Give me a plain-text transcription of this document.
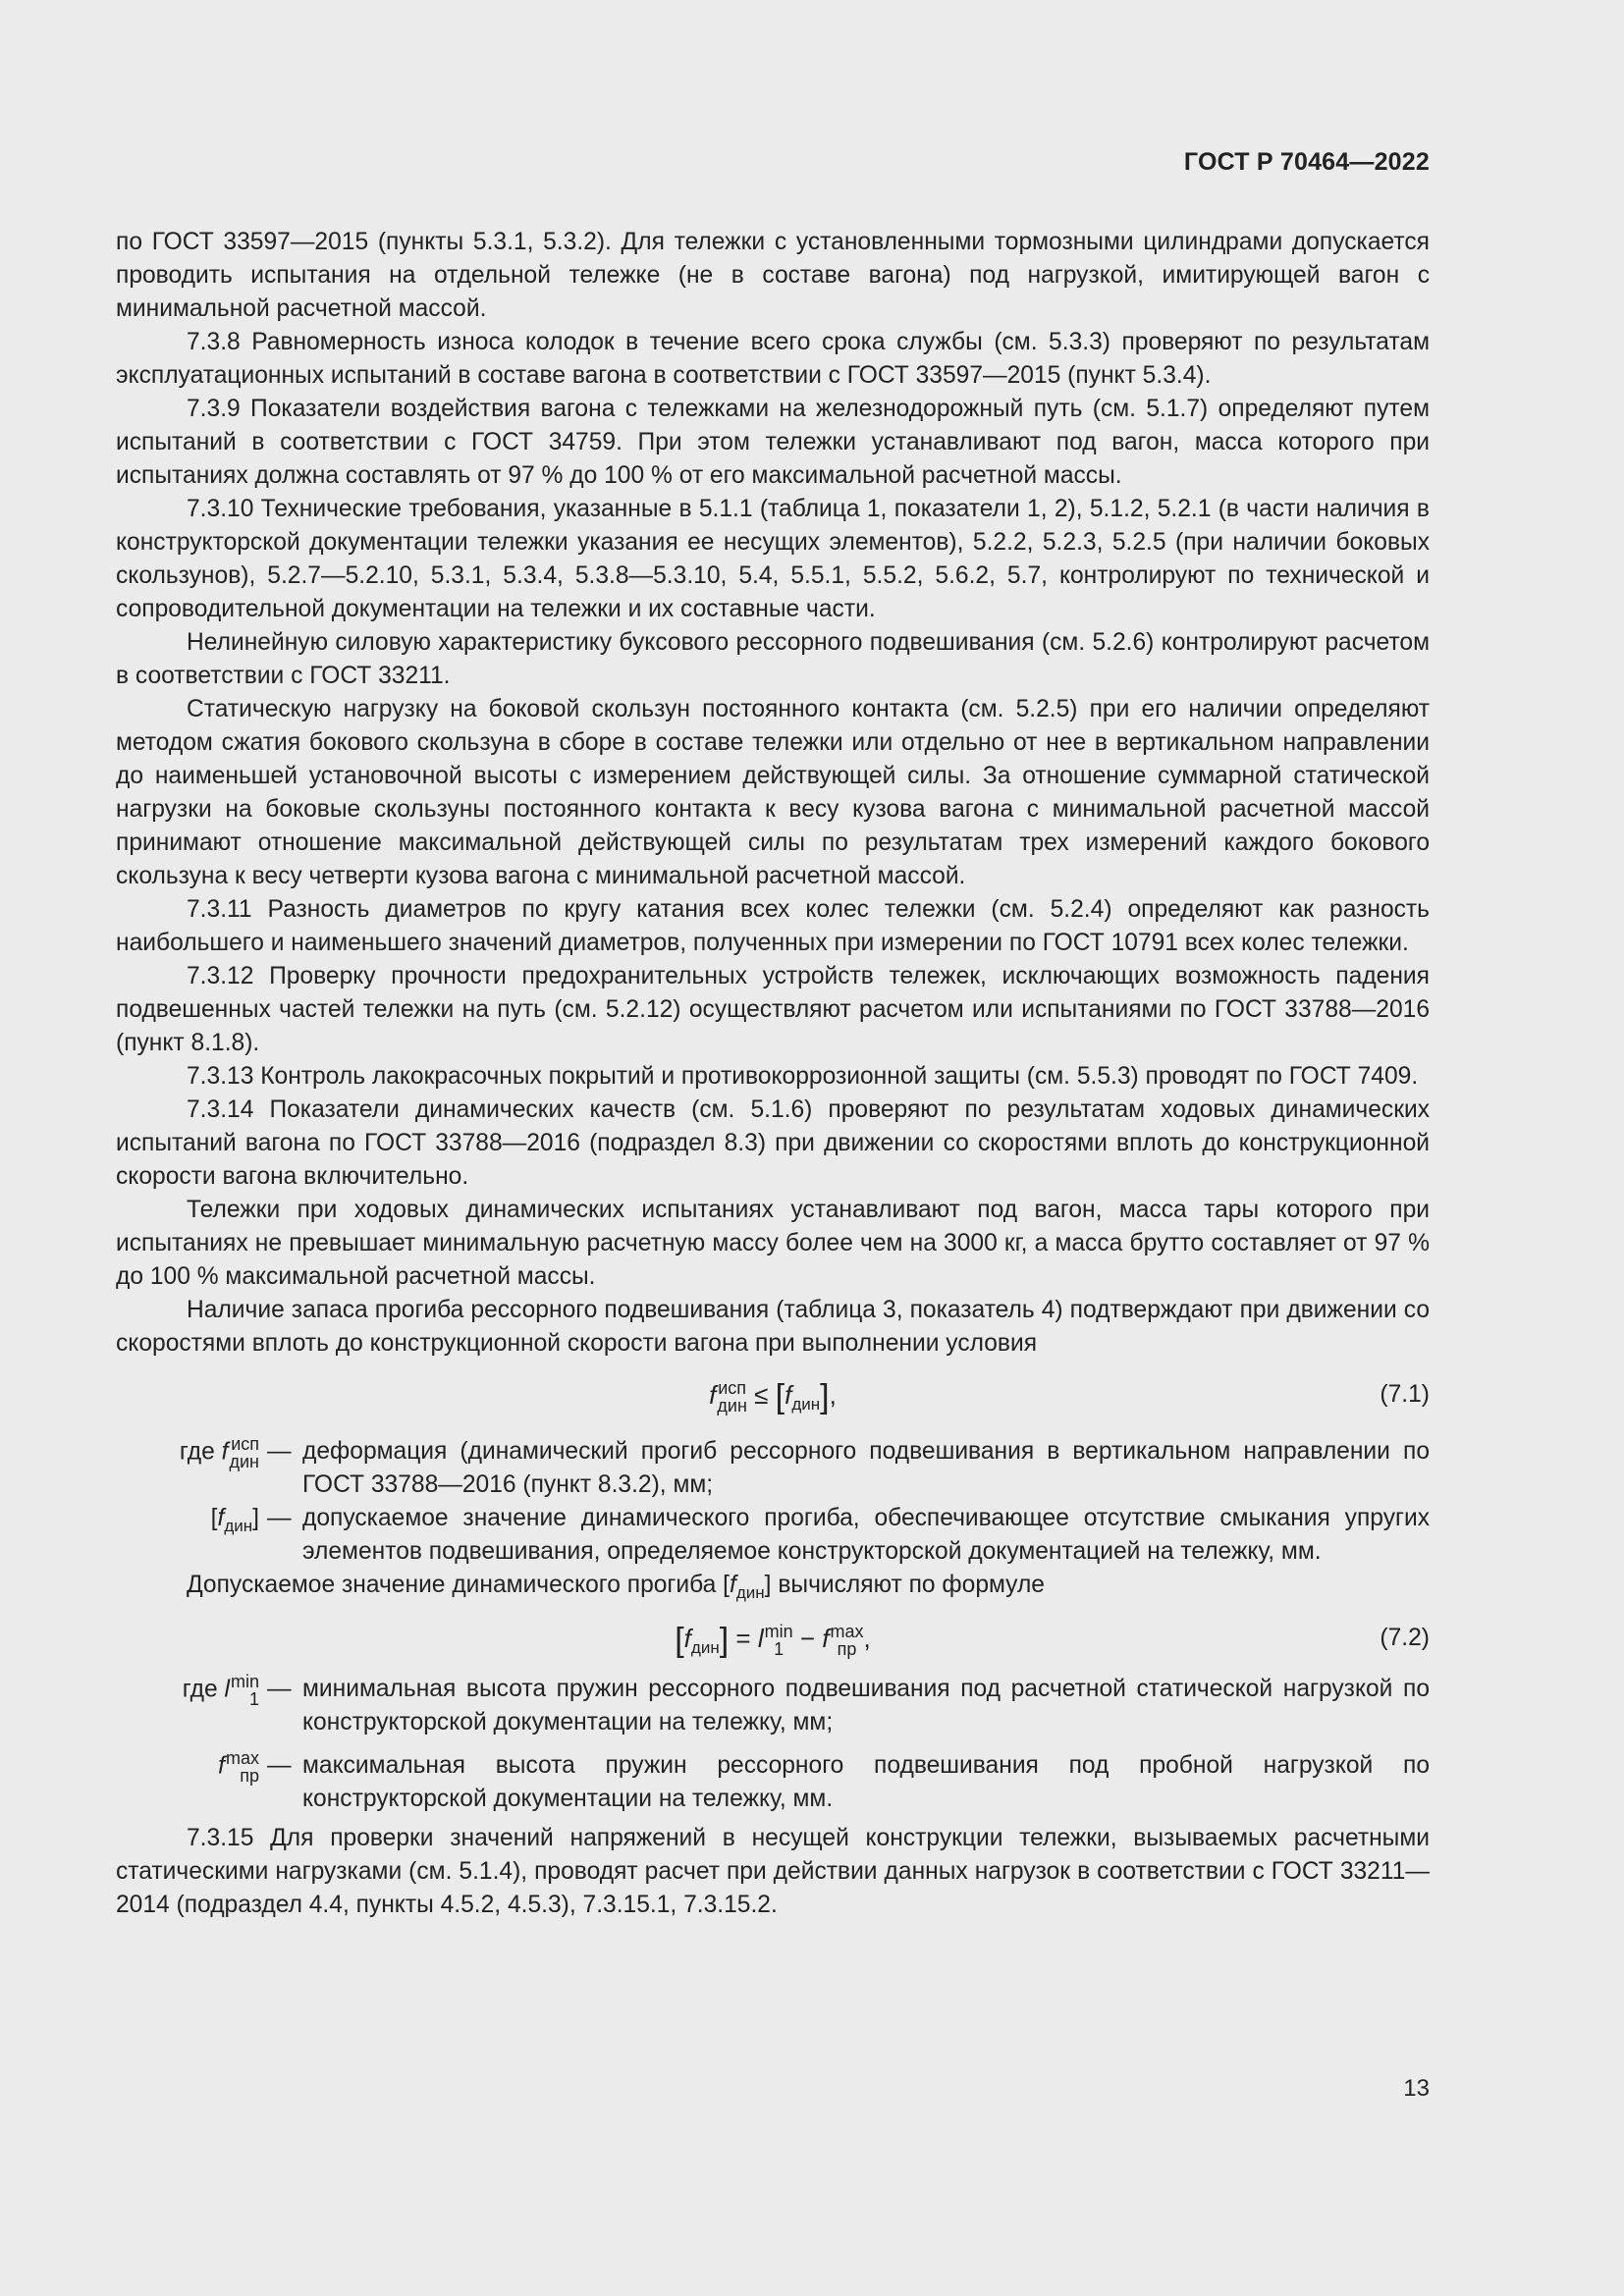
ГОСТ Р 70464—2022

по ГОСТ 33597—2015 (пункты 5.3.1, 5.3.2). Для тележки с установленными тормозными цилиндрами допускается проводить испытания на отдельной тележке (не в составе вагона) под нагрузкой, имитирующей вагон с минимальной расчетной массой.

7.3.8 Равномерность износа колодок в течение всего срока службы (см. 5.3.3) проверяют по результатам эксплуатационных испытаний в составе вагона в соответствии с ГОСТ 33597—2015 (пункт 5.3.4).

7.3.9 Показатели воздействия вагона с тележками на железнодорожный путь (см. 5.1.7) определяют путем испытаний в соответствии с ГОСТ 34759. При этом тележки устанавливают под вагон, масса которого при испытаниях должна составлять от 97 % до 100 % от его максимальной расчетной массы.

7.3.10 Технические требования, указанные в 5.1.1 (таблица 1, показатели 1, 2), 5.1.2, 5.2.1 (в части наличия в конструкторской документации тележки указания ее несущих элементов), 5.2.2, 5.2.3, 5.2.5 (при наличии боковых скользунов), 5.2.7—5.2.10, 5.3.1, 5.3.4, 5.3.8—5.3.10, 5.4, 5.5.1, 5.5.2, 5.6.2, 5.7, контролируют по технической и сопроводительной документации на тележки и их составные части.

Нелинейную силовую характеристику буксового рессорного подвешивания (см. 5.2.6) контролируют расчетом в соответствии с ГОСТ 33211.

Статическую нагрузку на боковой скользун постоянного контакта (см. 5.2.5) при его наличии определяют методом сжатия бокового скользуна в сборе в составе тележки или отдельно от нее в вертикальном направлении до наименьшей установочной высоты с измерением действующей силы. За отношение суммарной статической нагрузки на боковые скользуны постоянного контакта к весу кузова вагона с минимальной расчетной массой принимают отношение максимальной действующей силы по результатам трех измерений каждого бокового скользуна к весу четверти кузова вагона с минимальной расчетной массой.

7.3.11 Разность диаметров по кругу катания всех колес тележки (см. 5.2.4) определяют как разность наибольшего и наименьшего значений диаметров, полученных при измерении по ГОСТ 10791 всех колес тележки.

7.3.12 Проверку прочности предохранительных устройств тележек, исключающих возможность падения подвешенных частей тележки на путь (см. 5.2.12) осуществляют расчетом или испытаниями по ГОСТ 33788—2016 (пункт 8.1.8).

7.3.13 Контроль лакокрасочных покрытий и противокоррозионной защиты (см. 5.5.3) проводят по ГОСТ 7409.

7.3.14 Показатели динамических качеств (см. 5.1.6) проверяют по результатам ходовых динамических испытаний вагона по ГОСТ 33788—2016 (подраздел 8.3) при движении со скоростями вплоть до конструкционной скорости вагона включительно.

Тележки при ходовых динамических испытаниях устанавливают под вагон, масса тары которого при испытаниях не превышает минимальную расчетную массу более чем на 3000 кг, а масса брутто составляет от 97 % до 100 % максимальной расчетной массы.

Наличие запаса прогиба рессорного подвешивания (таблица 3, показатель 4) подтверждают при движении со скоростями вплоть до конструкционной скорости вагона при выполнении условия

f исп
дин ≤ $[f_{дин}]$,	(7.1)
где f исп
дин — деформация (динамический прогиб рессорного подвешивания в вертикальном направлении по ГОСТ 33788—2016 (пункт 8.3.2), мм;
$[f_{дин}]$ — допускаемое значение динамического прогиба, обеспечивающее отсутствие смыкания упругих элементов подвешивания, определяемое конструкторской документацией на тележку, мм.

Допускаемое значение динамического прогиба $[f_{дин}]$ вычисляют по формуле

$[f_{дин}] = l$ min
1 − f max
пр ,	(7.2)
где l min
1 — минимальная высота пружин рессорного подвешивания под расчетной статической нагрузкой по конструкторской документации на тележку, мм;
f max
пр — максимальная высота пружин рессорного подвешивания под пробной нагрузкой по конструкторской документации на тележку, мм.

7.3.15 Для проверки значений напряжений в несущей конструкции тележки, вызываемых расчетными статическими нагрузками (см. 5.1.4), проводят расчет при действии данных нагрузок в соответствии с ГОСТ 33211—2014 (подраздел 4.4, пункты 4.5.2, 4.5.3), 7.3.15.1, 7.3.15.2.

13
